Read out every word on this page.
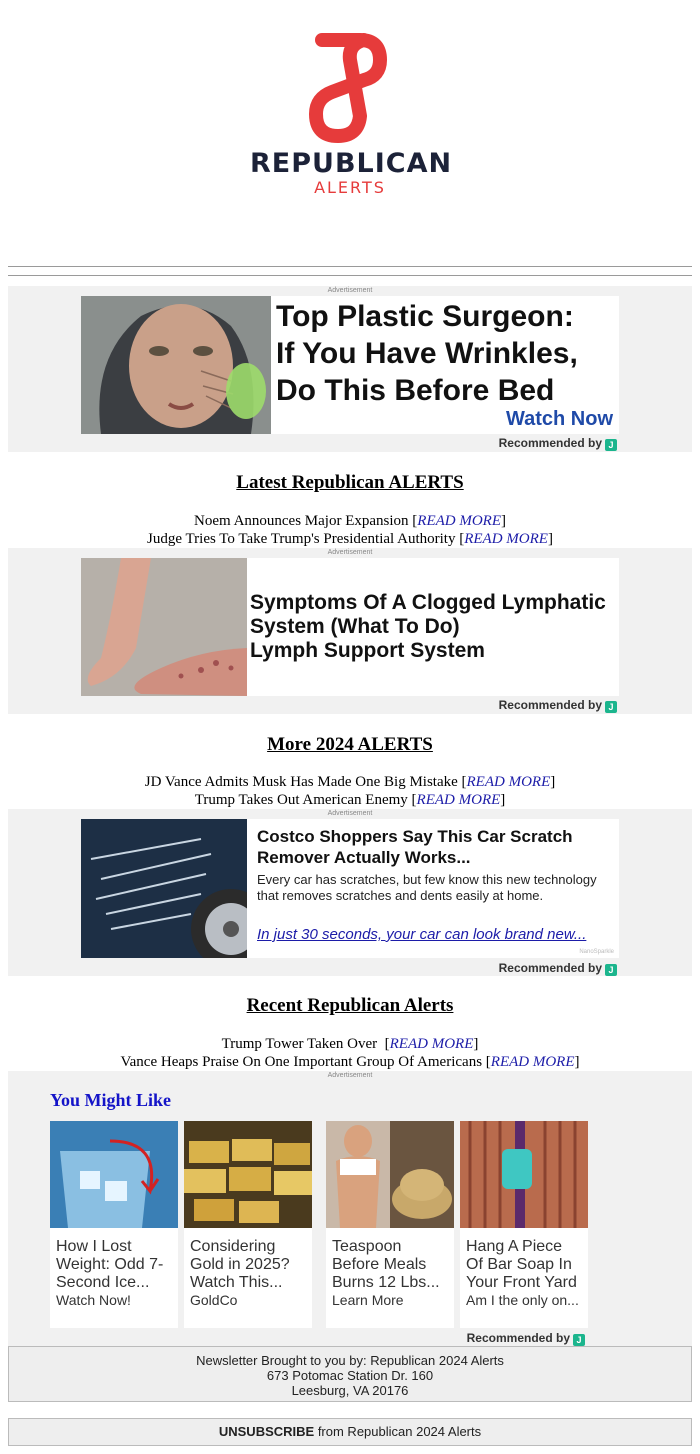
REPUBLICAN
ALERTS
Advertisement
Top Plastic Surgeon:
If You Have Wrinkles,
Do This Before Bed
Watch Now
Recommended by J
Latest Republican ALERTS
Noem Announces Major Expansion [READ MORE]
Judge Tries To Take Trump's Presidential Authority [READ MORE]
Advertisement
Symptoms Of A Clogged Lymphatic
System (What To Do)
Lymph Support System
Recommended by J
More 2024 ALERTS
JD Vance Admits Musk Has Made One Big Mistake [READ MORE]
Trump Takes Out American Enemy [READ MORE]
Advertisement
Costco Shoppers Say This Car Scratch
Remover Actually Works...
Every car has scratches, but few know this new technology
that removes scratches and dents easily at home.
In just 30 seconds, your car can look brand new...
NanoSparkle
Recommended by J
Recent Republican Alerts
Trump Tower Taken Over  [READ MORE]
Vance Heaps Praise On One Important Group Of Americans [READ MORE]
Advertisement
You Might Like
How I Lost
Weight: Odd 7-
Second Ice...
Watch Now!
Considering
Gold in 2025?
Watch This...
GoldCo
Teaspoon
Before Meals
Burns 12 Lbs...
Learn More
Hang A Piece
Of Bar Soap In
Your Front Yard
Am I the only on...
Recommended by J
Newsletter Brought to you by: Republican 2024 Alerts
673 Potomac Station Dr. 160
Leesburg, VA 20176
UNSUBSCRIBE from Republican 2024 Alerts
